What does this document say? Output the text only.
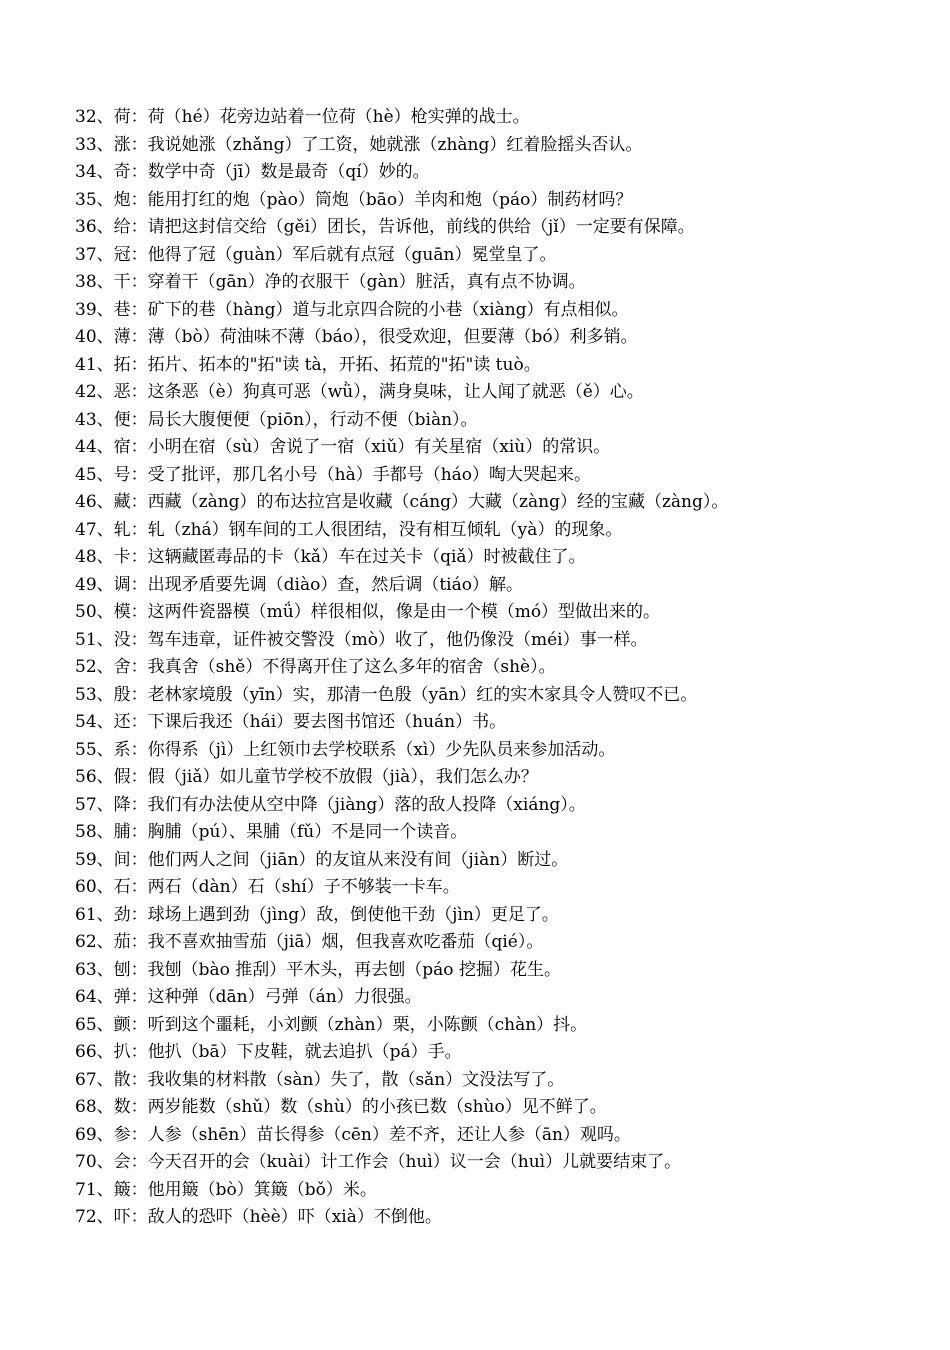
32、荷：荷（hé）花旁边站着一位荷（hè）枪实弹的战士。
33、涨：我说她涨（zhǎng）了工资，她就涨（zhàng）红着脸摇头否认。
34、奇：数学中奇（jī）数是最奇（qí）妙的。
35、炮：能用打红的炮（pào）筒炮（bāo）羊肉和炮（páo）制药材吗？
36、给：请把这封信交给（gěi）团长，告诉他，前线的供给（jǐ）一定要有保障。
37、冠：他得了冠（guàn）军后就有点冠（guān）冕堂皇了。
38、干：穿着干（gān）净的衣服干（gàn）脏活，真有点不协调。
39、巷：矿下的巷（hàng）道与北京四合院的小巷（xiàng）有点相似。
40、薄：薄（bò）荷油味不薄（báo），很受欢迎，但要薄（bó）利多销。
41、拓：拓片、拓本的"拓"读 tà，开拓、拓荒的"拓"读 tuò。
42、恶：这条恶（è）狗真可恶（wǜ），满身臭味，让人闻了就恶（ě）心。
43、便：局长大腹便便（piōn），行动不便（biàn）。
44、宿：小明在宿（sù）舍说了一宿（xiǔ）有关星宿（xiù）的常识。
45、号：受了批评，那几名小号（hà）手都号（háo）啕大哭起来。
46、藏：西藏（zàng）的布达拉宫是收藏（cáng）大藏（zàng）经的宝藏（zàng）。
47、轧：轧（zhá）钢车间的工人很团结，没有相互倾轧（yà）的现象。
48、卡：这辆藏匿毒品的卡（kǎ）车在过关卡（qiǎ）时被截住了。
49、调：出现矛盾要先调（diào）查，然后调（tiáo）解。
50、模：这两件瓷器模（mǘ）样很相似，像是由一个模（mó）型做出来的。
51、没：驾车违章，证件被交警没（mò）收了，他仍像没（méi）事一样。
52、舍：我真舍（shě）不得离开住了这么多年的宿舍（shè）。
53、殷：老林家境殷（yīn）实，那清一色殷（yān）红的实木家具令人赞叹不已。
54、还：下课后我还（hái）要去图书馆还（huán）书。
55、系：你得系（jì）上红领巾去学校联系（xì）少先队员来参加活动。
56、假：假（jiǎ）如儿童节学校不放假（jià），我们怎么办？
57、降：我们有办法使从空中降（jiàng）落的敌人投降（xiáng）。
58、脯：胸脯（pú）、果脯（fǔ）不是同一个读音。
59、间：他们两人之间（jiān）的友谊从来没有间（jiàn）断过。
60、石：两石（dàn）石（shí）子不够装一卡车。
61、劲：球场上遇到劲（jìng）敌，倒使他干劲（jìn）更足了。
62、茄：我不喜欢抽雪茄（jiā）烟，但我喜欢吃番茄（qié）。
63、刨：我刨（bào 推刮）平木头，再去刨（páo 挖掘）花生。
64、弹：这种弹（dān）弓弹（án）力很强。
65、颤：听到这个噩耗，小刘颤（zhàn）栗，小陈颤（chàn）抖。
66、扒：他扒（bā）下皮鞋，就去追扒（pá）手。
67、散：我收集的材料散（sàn）失了，散（sǎn）文没法写了。
68、数：两岁能数（shǔ）数（shù）的小孩已数（shùo）见不鲜了。
69、参：人参（shēn）苗长得参（cēn）差不齐，还让人参（ān）观吗。
70、会：今天召开的会（kuài）计工作会（huì）议一会（huì）儿就要结束了。
71、簸：他用簸（bò）箕簸（bǒ）米。
72、吓：敌人的恐吓（hèè）吓（xià）不倒他。
